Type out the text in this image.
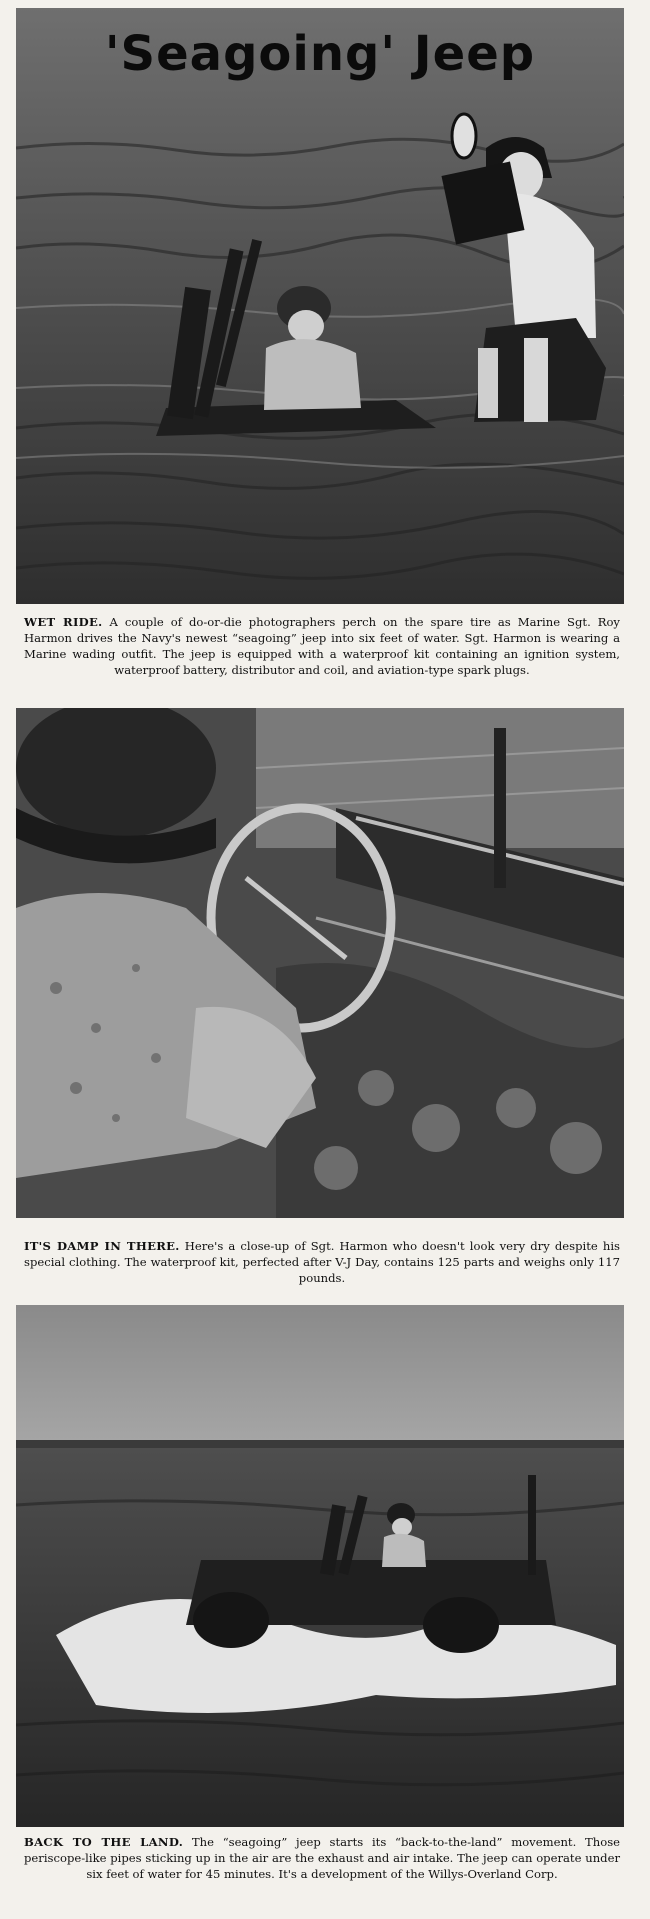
'Seagoing' Jeep

WET RIDE. A couple of do-or-die photographers perch on the spare tire as Marine Sgt. Roy Harmon drives the Navy's newest “seagoing” jeep into six feet of water. Sgt. Harmon is wearing a Marine wading outfit. The jeep is equipped with a waterproof kit containing an ignition system, waterproof battery, distributor and coil, and aviation-type spark plugs.

IT'S DAMP IN THERE. Here's a close-up of Sgt. Harmon who doesn't look very dry despite his special clothing. The waterproof kit, perfected after V-J Day, contains 125 parts and weighs only 117 pounds.

BACK TO THE LAND. The “seagoing” jeep starts its “back-to-the-land” movement. Those periscope-like pipes sticking up in the air are the exhaust and air intake. The jeep can operate under six feet of water for 45 minutes. It's a development of the Willys-Overland Corp.
